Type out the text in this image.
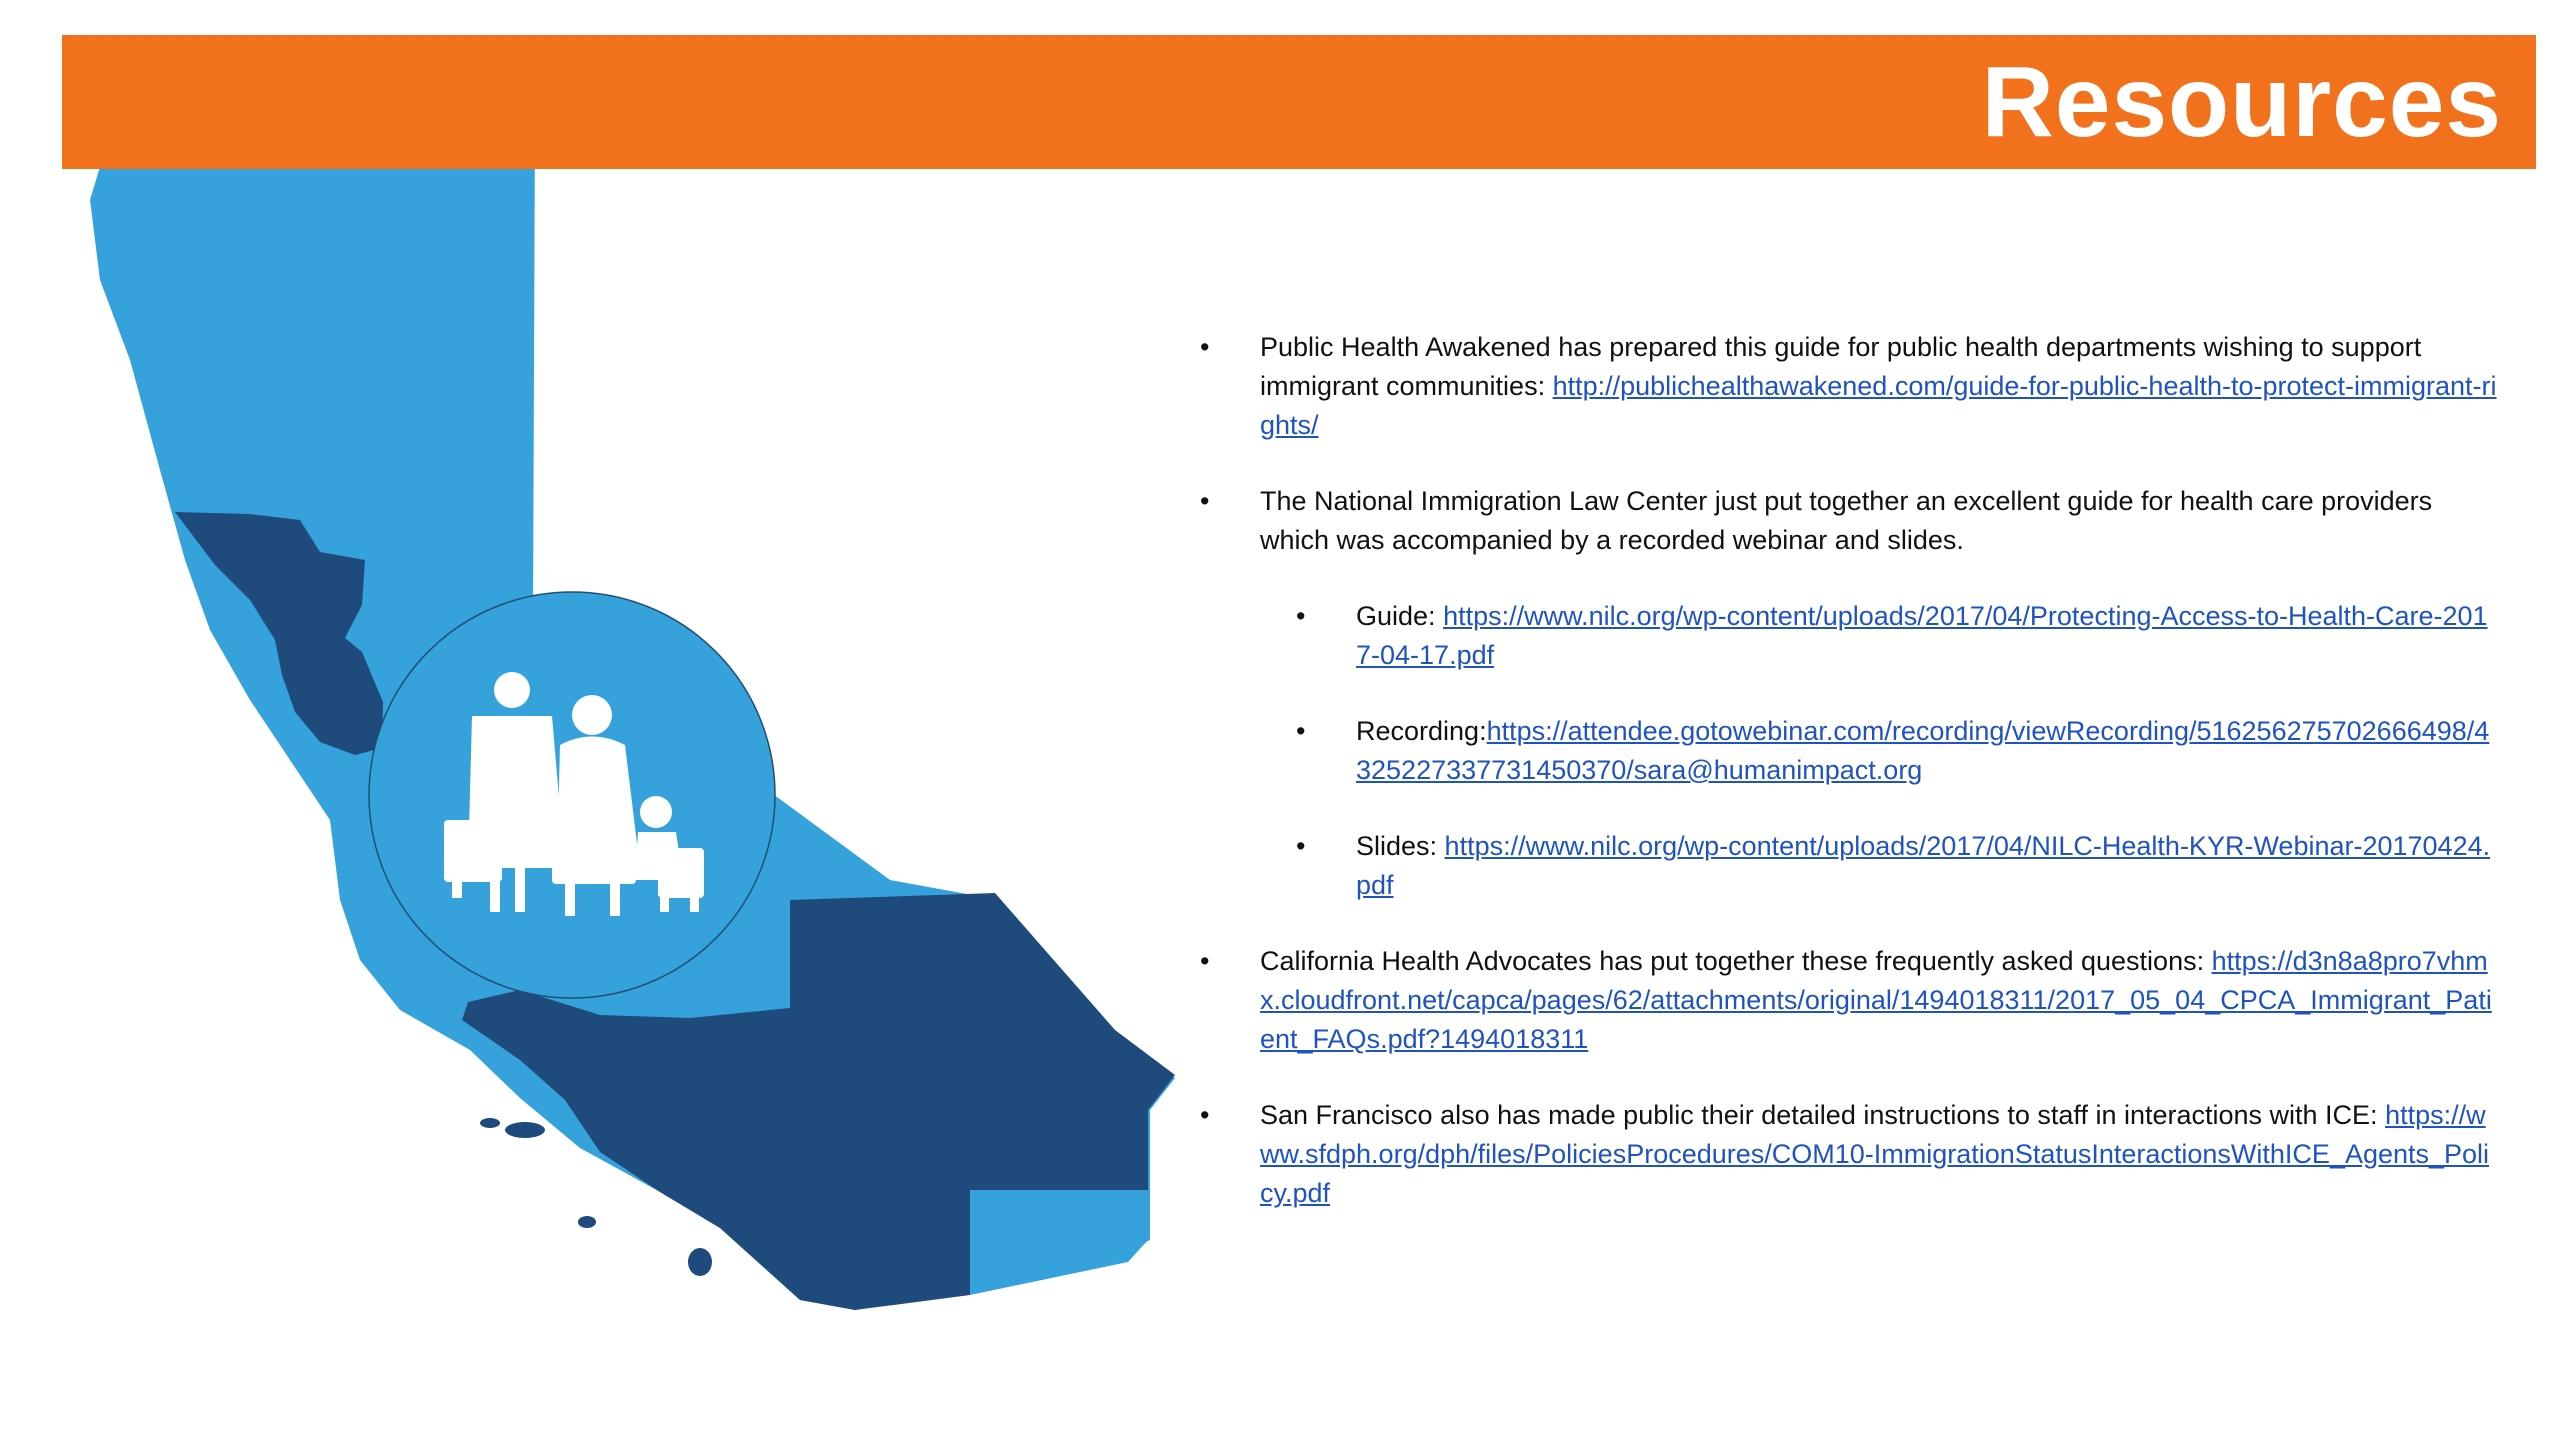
Resources
• Public Health Awakened has prepared this guide for public health departments wishing to support immigrant communities: http://publichealthawakened.com/guide-for-public-health-to-protect-immigrant-rights/
• The National Immigration Law Center just put together an excellent guide for health care providers which was accompanied by a recorded webinar and slides.
• Guide: https://www.nilc.org/wp-content/uploads/2017/04/Protecting-Access-to-Health-Care-2017-04-17.pdf
• Recording:https://attendee.gotowebinar.com/recording/viewRecording/516256275702666498/4325227337731450370/sara@humanimpact.org
• Slides: https://www.nilc.org/wp-content/uploads/2017/04/NILC-Health-KYR-Webinar-20170424.pdf
• California Health Advocates has put together these frequently asked questions: https://d3n8a8pro7vhmx.cloudfront.net/capca/pages/62/attachments/original/1494018311/2017_05_04_CPCA_Immigrant_Patient_FAQs.pdf?1494018311
• San Francisco also has made public their detailed instructions to staff in interactions with ICE: https://www.sfdph.org/dph/files/PoliciesProcedures/COM10-ImmigrationStatusInteractionsWithICE_Agents_Policy.pdf
